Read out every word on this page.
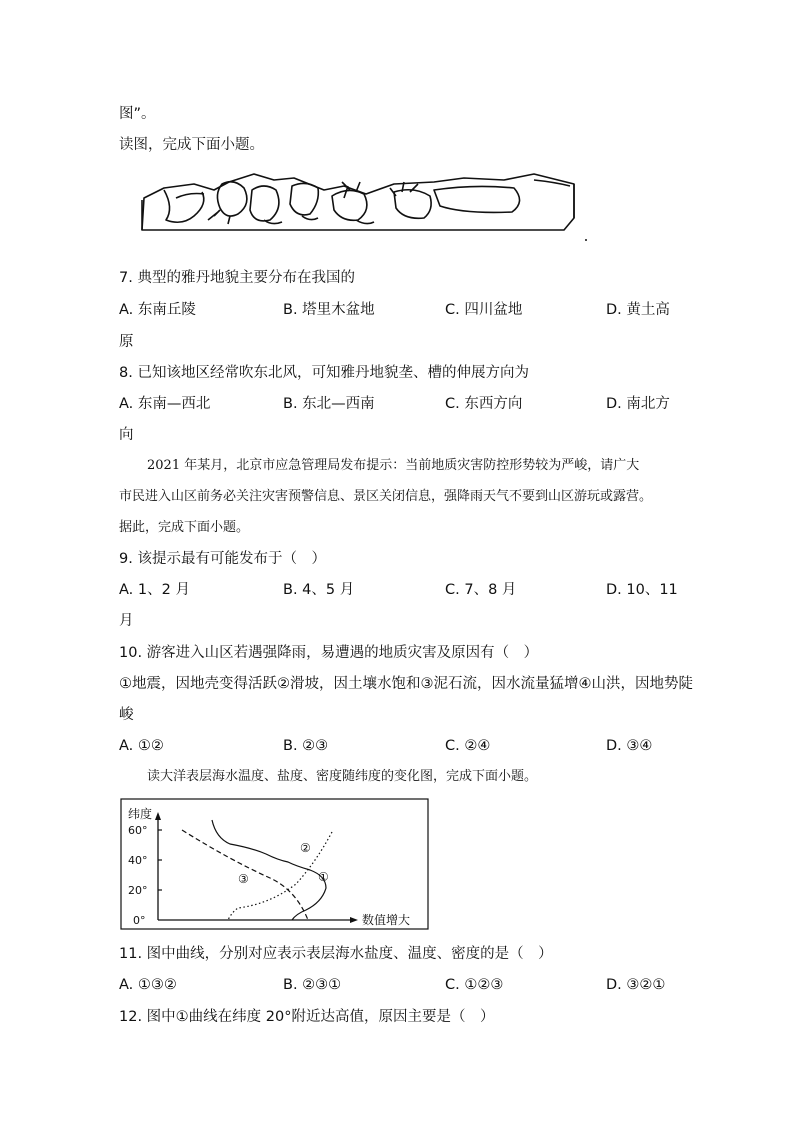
图”。
读图，完成下面小题。
7. 典型的雅丹地貌主要分布在我国的
A. 东南丘陵	B. 塔里木盆地	C. 四川盆地	D. 黄土高
原
8. 已知该地区经常吹东北风，可知雅丹地貌垄、槽的伸展方向为
A. 东南—西北	B. 东北—西南	C. 东西方向	D. 南北方
向
2021 年某月，北京市应急管理局发布提示：当前地质灾害防控形势较为严峻，请广大
市民进入山区前务必关注灾害预警信息、景区关闭信息，强降雨天气不要到山区游玩或露营。
据此，完成下面小题。
9. 该提示最有可能发布于（　）
A. 1、2 月	B. 4、5 月	C. 7、8 月	D. 10、11
月
10. 游客进入山区若遇强降雨，易遭遇的地质灾害及原因有（　）
①地震，因地壳变得活跃②滑坡，因土壤水饱和③泥石流，因水流量猛增④山洪，因地势陡
峻
A. ①②	B. ②③	C. ②④	D. ③④
读大洋表层海水温度、盐度、密度随纬度的变化图，完成下面小题。
纬度
60°
40°
20°
0°	数值增大
①
②
③
11. 图中曲线，分别对应表示表层海水盐度、温度、密度的是（　）
A. ①③②	B. ②③①	C. ①②③	D. ③②①
12. 图中①曲线在纬度 20°附近达高值，原因主要是（　）
